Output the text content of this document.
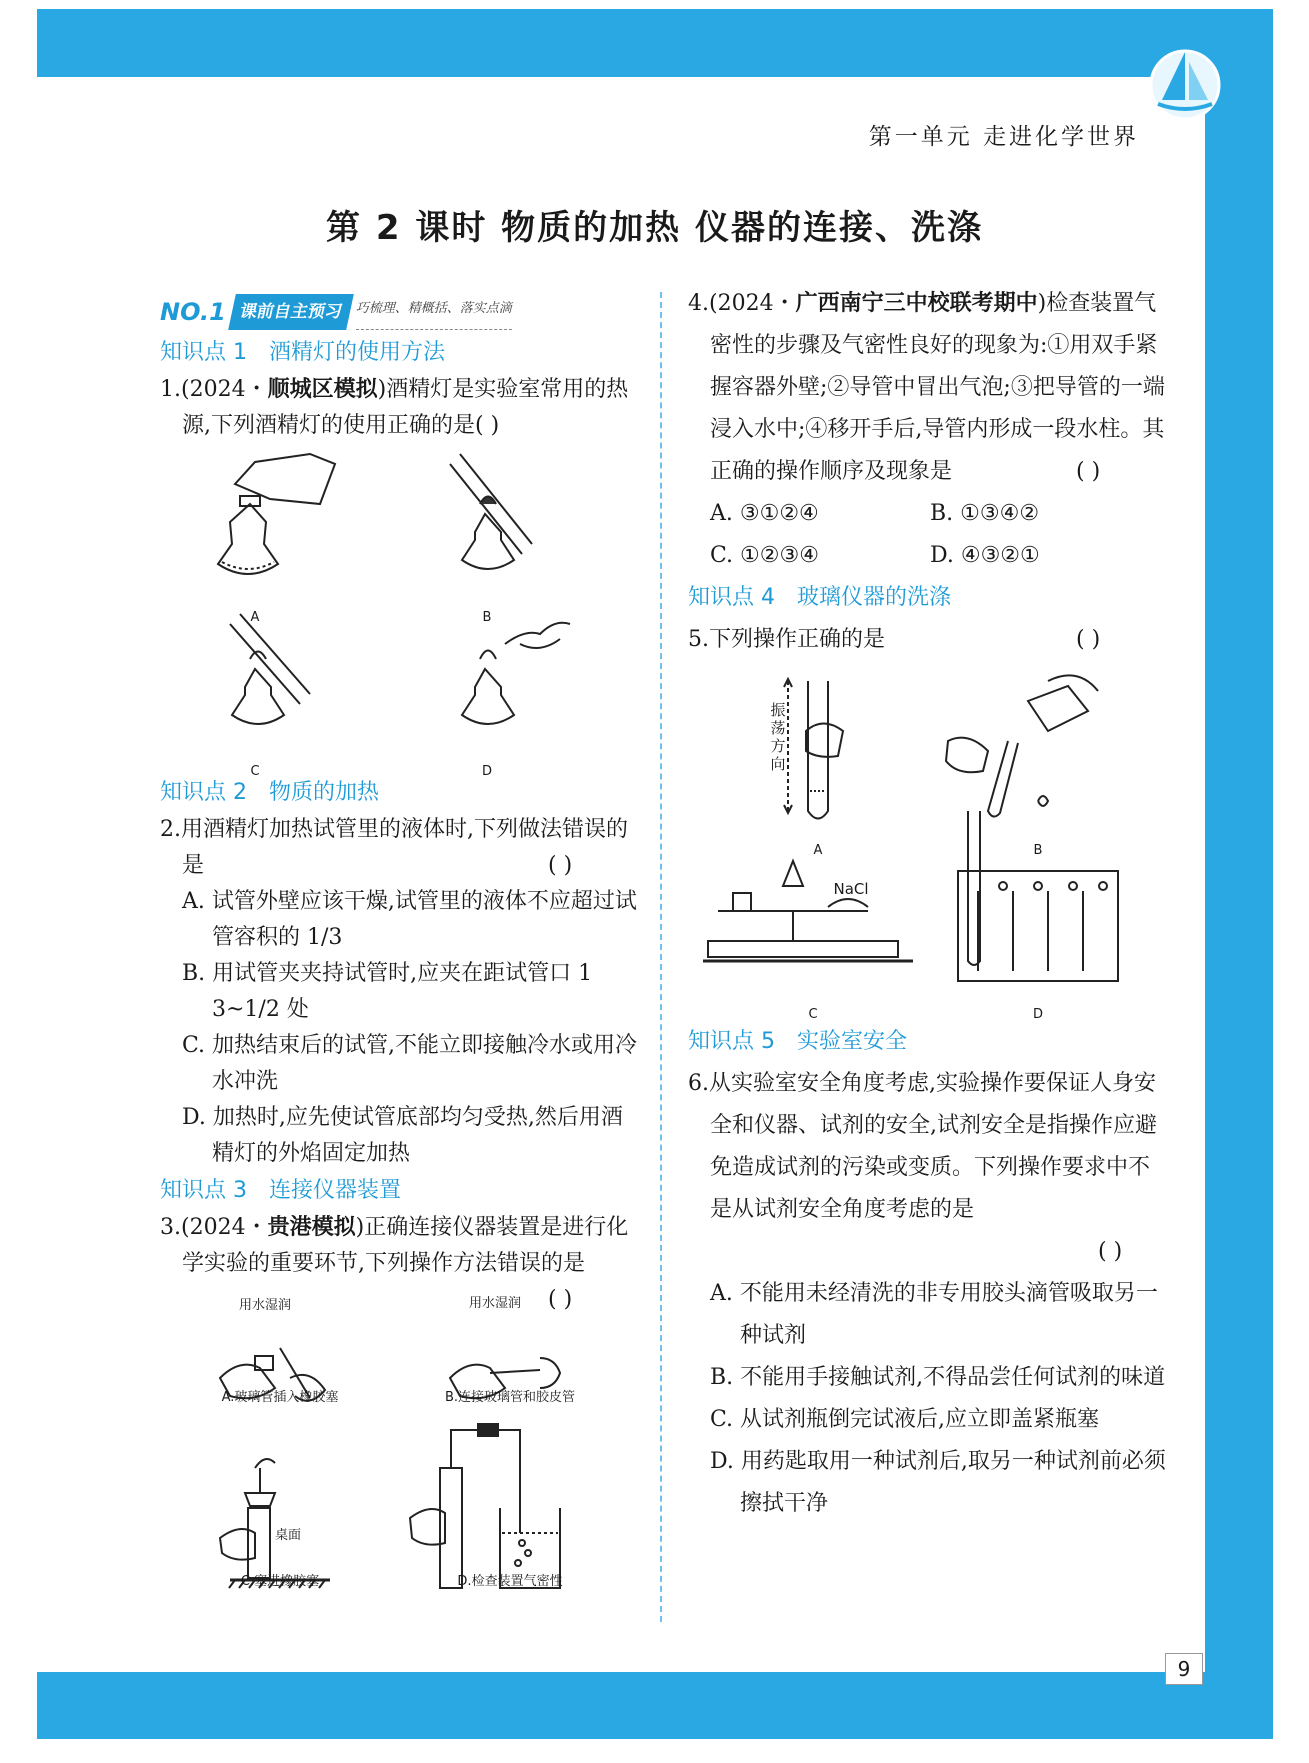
第一单元 走进化学世界
第 2 课时 物质的加热 仪器的连接、洗涤
NO.1 课前自主预习 巧梳理、精概括、落实点滴
知识点 1 酒精灯的使用方法
1.(2024・顺城区模拟)酒精灯是实验室常用的热源,下列酒精灯的使用正确的是( )
A	B
C	D
知识点 2 物质的加热
2.用酒精灯加热试管里的液体时,下列做法错误的是	( )
A. 试管外壁应该干燥,试管里的液体不应超过试管容积的 1/3
B. 用试管夹夹持试管时,应夹在距试管口 1 3~1/2 处
C. 加热结束后的试管,不能立即接触冷水或用冷水冲洗
D. 加热时,应先使试管底部均匀受热,然后用酒精灯的外焰固定加热
知识点 3 连接仪器装置
3.(2024・贵港模拟)正确连接仪器装置是进行化学实验的重要环节,下列操作方法错误的是
( )
用水湿润	用水湿润
A.玻璃管插入橡胶塞	B.连接玻璃管和胶皮管
桌面
C.塞进橡胶塞	D.检查装置气密性
4.(2024・广西南宁三中校联考期中)检查装置气密性的步骤及气密性良好的现象为:①用双手紧握容器外壁;②导管中冒出气泡;③把导管的一端浸入水中;④移开手后,导管内形成一段水柱。其正确的操作顺序及现象是	( )
A. ③①②④	B. ①③④②
C. ①②③④	D. ④③②①
知识点 4 玻璃仪器的洗涤
5.下列操作正确的是	( )
振荡方向
NaCl
A	B
C	D
知识点 5 实验室安全
6.从实验室安全角度考虑,实验操作要保证人身安全和仪器、试剂的安全,试剂安全是指操作应避免造成试剂的污染或变质。下列操作要求中不是从试剂安全角度考虑的是
( )
A. 不能用未经清洗的非专用胶头滴管吸取另一种试剂
B. 不能用手接触试剂,不得品尝任何试剂的味道
C. 从试剂瓶倒完试液后,应立即盖紧瓶塞
D. 用药匙取用一种试剂后,取另一种试剂前必须擦拭干净
9
